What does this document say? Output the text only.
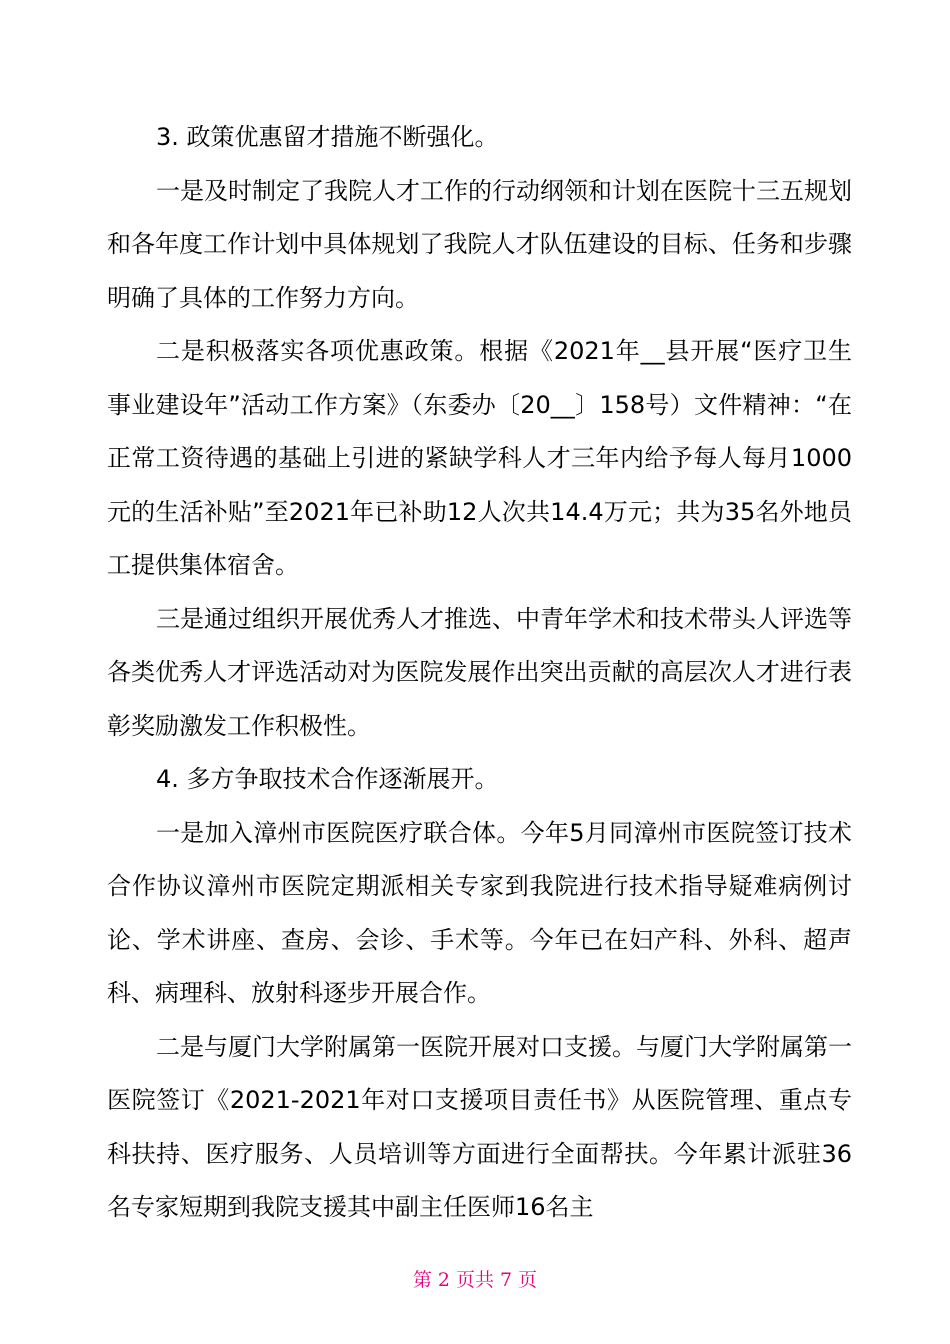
3. 政策优惠留才措施不断强化。

一是及时制定了我院人才工作的行动纲领和计划在医院十三五规划和各年度工作计划中具体规划了我院人才队伍建设的目标、任务和步骤明确了具体的工作努力方向。

二是积极落实各项优惠政策。根据《2021年__县开展“医疗卫生事业建设年”活动工作方案》（东委办〔20__〕158号）文件精神：“在正常工资待遇的基础上引进的紧缺学科人才三年内给予每人每月1000元的生活补贴”至2021年已补助12人次共14.4万元；共为35名外地员工提供集体宿舍。

三是通过组织开展优秀人才推选、中青年学术和技术带头人评选等各类优秀人才评选活动对为医院发展作出突出贡献的高层次人才进行表彰奖励激发工作积极性。

4. 多方争取技术合作逐渐展开。

一是加入漳州市医院医疗联合体。今年5月同漳州市医院签订技术合作协议漳州市医院定期派相关专家到我院进行技术指导疑难病例讨论、学术讲座、查房、会诊、手术等。今年已在妇产科、外科、超声科、病理科、放射科逐步开展合作。

二是与厦门大学附属第一医院开展对口支援。与厦门大学附属第一医院签订《2021-2021年对口支援项目责任书》从医院管理、重点专科扶持、医疗服务、人员培训等方面进行全面帮扶。今年累计派驻36名专家短期到我院支援其中副主任医师16名主

第 2 页共 7 页
